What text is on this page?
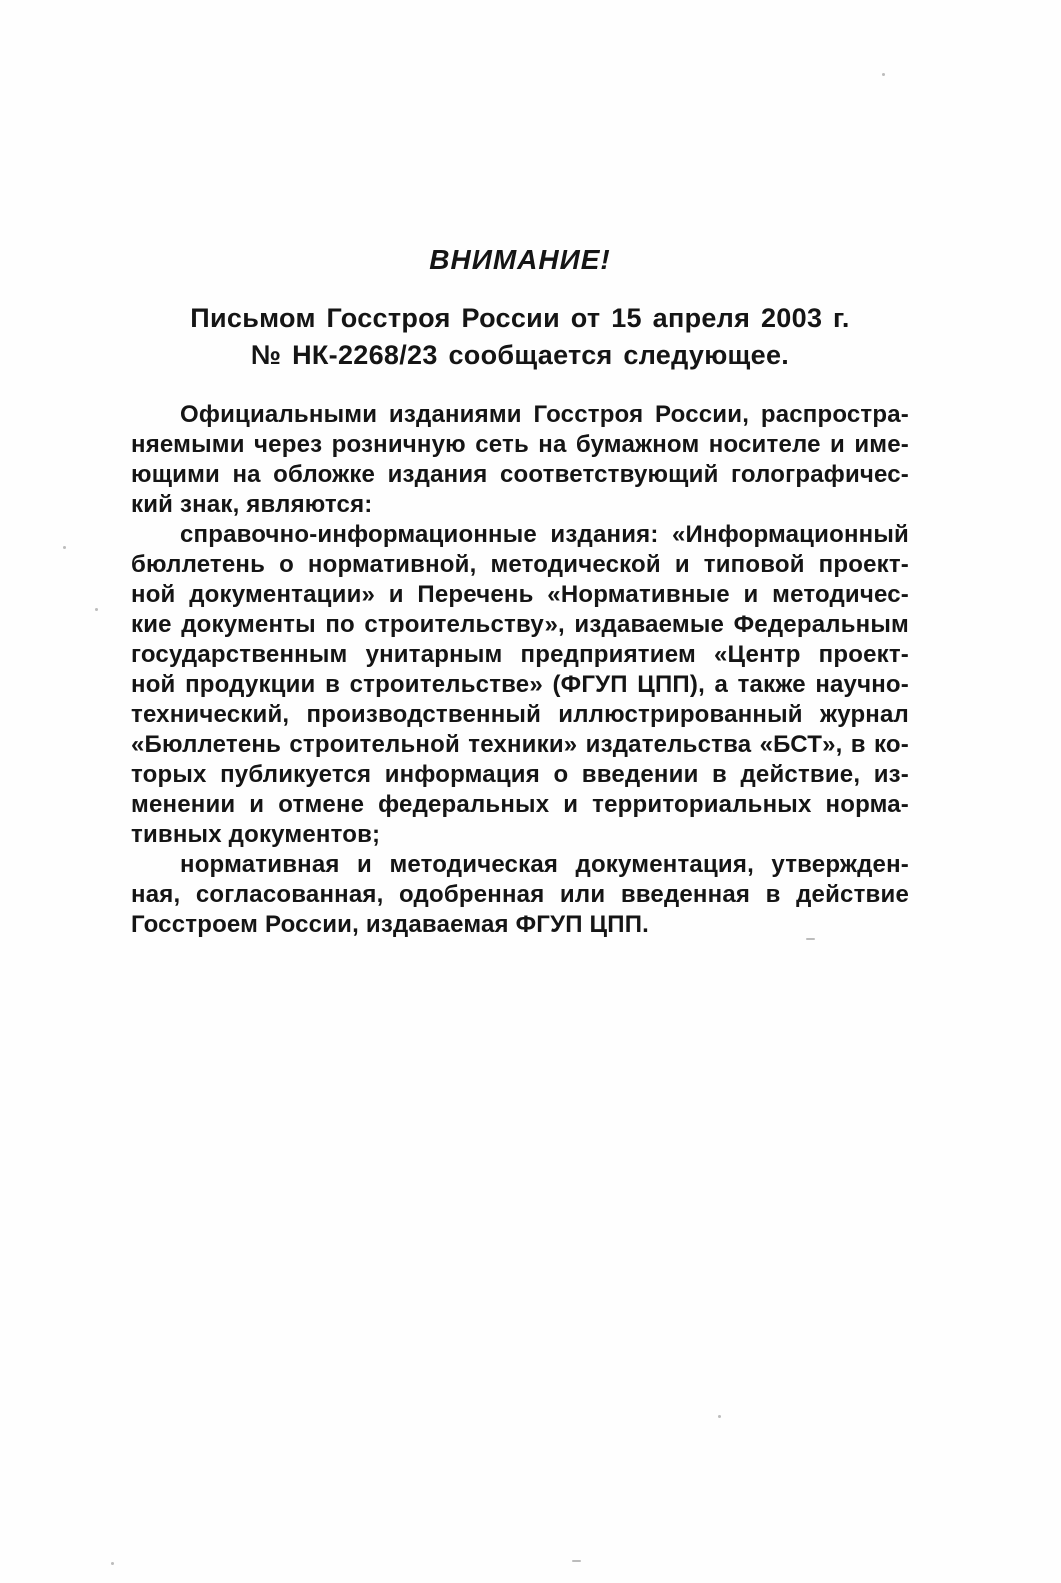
ВНИМАНИЕ!
Письмом Госстроя России от 15 апреля 2003 г.
№ НК-2268/23 сообщается следующее.
Официальными изданиями Госстроя России, распростра-
няемыми через розничную сеть на бумажном носителе и име-
ющими на обложке издания соответствующий голографичес-
кий знак, являются:
справочно-информационные издания: «Информационный
бюллетень о нормативной, методической и типовой проект-
ной документации» и Перечень «Нормативные и методичес-
кие документы по строительству», издаваемые Федеральным
государственным унитарным предприятием «Центр проект-
ной продукции в строительстве» (ФГУП ЦПП), а также научно-
технический, производственный иллюстрированный журнал
«Бюллетень строительной техники» издательства «БСТ», в ко-
торых публикуется информация о введении в действие, из-
менении и отмене федеральных и территориальных норма-
тивных документов;
нормативная и методическая документация, утвержден-
ная, согласованная, одобренная или введенная в действие
Госстроем России, издаваемая ФГУП ЦПП.
